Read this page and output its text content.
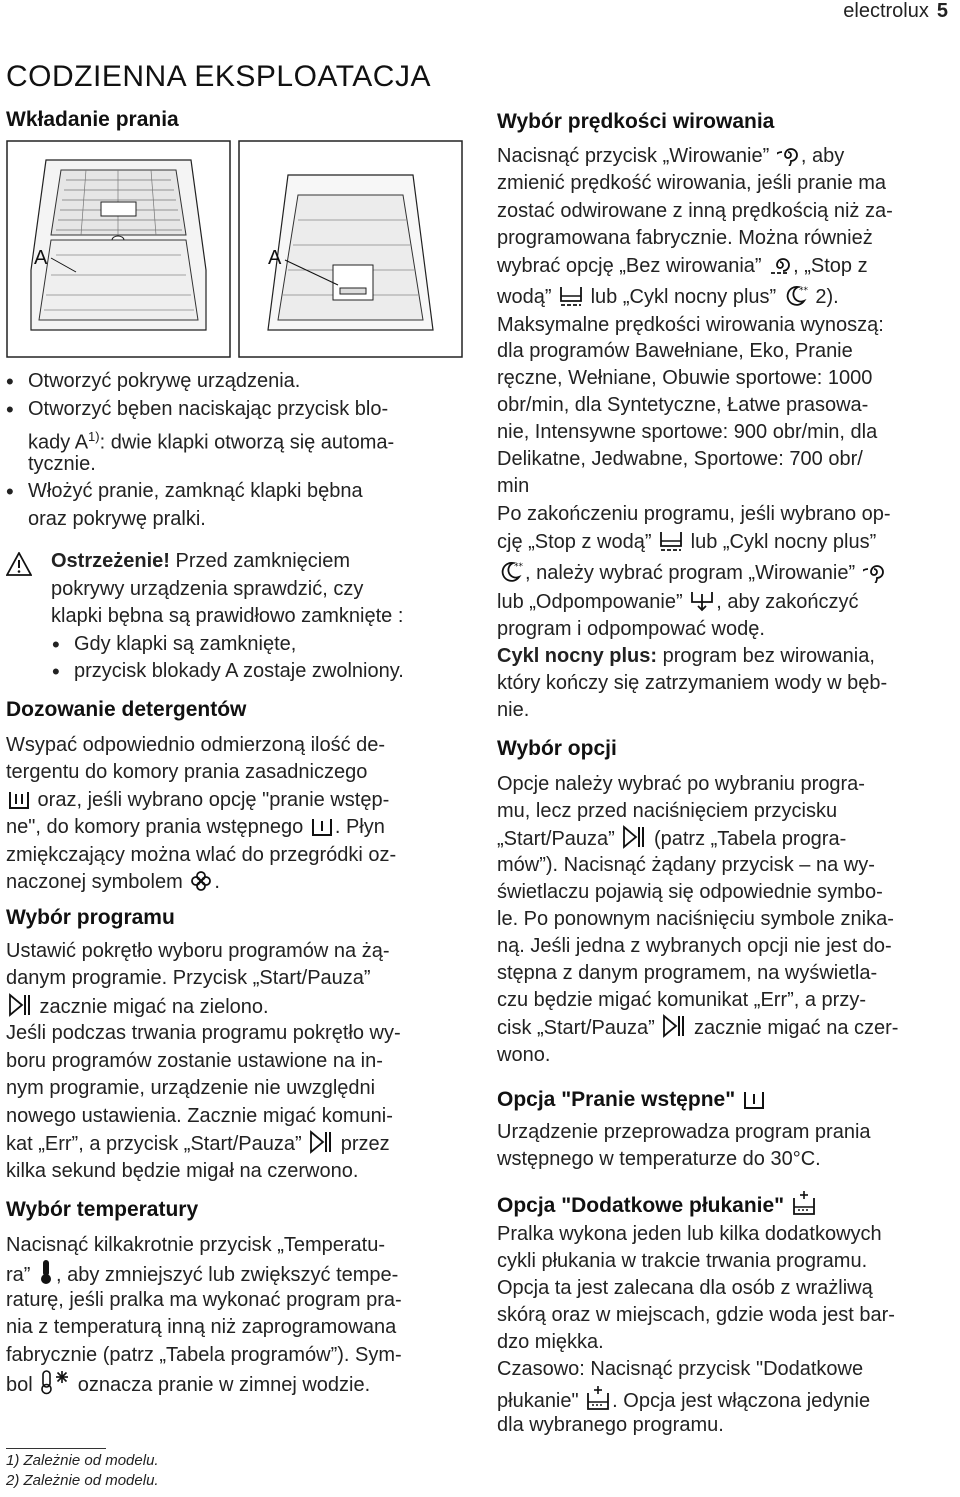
electrolux 5
CODZIENNA EKSPLOATACJA
Wkładanie prania
A	A
• Otworzyć pokrywę urządzenia.
• Otworzyć bęben naciskając przycisk blo-
kady $A^{1)}$: dwie klapki otworzą się automa-
tycznie.
• Włożyć pranie, zamknąć klapki bębna
oraz pokrywę pralki.
Ostrzeżenie! Przed zamknięciem
pokrywy urządzenia sprawdzić, czy
klapki bębna są prawidłowo zamknięte :
• Gdy klapki są zamknięte,
• przycisk blokady A zostaje zwolniony.
Dozowanie detergentów
Wsypać odpowiednio odmierzoną ilość de-
tergentu do komory prania zasadniczego
oraz, jeśli wybrano opcję "pranie wstęp-
ne", do komory prania wstępnego . Płyn
zmiękczający można wlać do przegródki oz-
naczonej symbolem .
Wybór programu
Ustawić pokrętło wyboru programów na żą-
danym programie. Przycisk „Start/Pauza”
zacznie migać na zielono.
Jeśli podczas trwania programu pokrętło wy-
boru programów zostanie ustawione na in-
nym programie, urządzenie nie uwzględni
nowego ustawienia. Zacznie migać komuni-
kat „Err”, a przycisk „Start/Pauza”  przez
kilka sekund będzie migał na czerwono.
Wybór temperatury
Nacisnąć kilkakrotnie przycisk „Temperatu-
ra” , aby zmniejszyć lub zwiększyć tempe-
raturę, jeśli pralka ma wykonać program pra-
nia z temperaturą inną niż zaprogramowana
fabrycznie (patrz „Tabela programów”). Sym-
bol  oznacza pranie w zimnej wodzie.
1) Zależnie od modelu.
2) Zależnie od modelu.
Wybór prędkości wirowania
Nacisnąć przycisk „Wirowanie” , aby
zmienić prędkość wirowania, jeśli pranie ma
zostać odwirowane z inną prędkością niż za-
programowana fabrycznie. Można również
wybrać opcję „Bez wirowania” , „Stop z
wodą”  lub „Cykl nocny plus” ** 2).
Maksymalne prędkości wirowania wynoszą:
dla programów Bawełniane, Eko, Pranie
ręczne, Wełniane, Obuwie sportowe: 1000
obr/min, dla Syntetyczne, Łatwe prasowa-
nie, Intensywne sportowe: 900 obr/min, dla
Delikatne, Jedwabne, Sportowe: 700 obr/
min
Po zakończeniu programu, jeśli wybrano op-
cję „Stop z wodą”  lub „Cykl nocny plus”
** , należy wybrać program „Wirowanie”
lub „Odpompowanie” , aby zakończyć
program i odpompować wodę.
Cykl nocny plus: program bez wirowania,
który kończy się zatrzymaniem wody w bęb-
nie.
Wybór opcji
Opcje należy wybrać po wybraniu progra-
mu, lecz przed naciśnięciem przycisku
„Start/Pauza”  (patrz „Tabela progra-
mów”). Nacisnąć żądany przycisk – na wy-
świetlaczu pojawią się odpowiednie symbo-
le. Po ponownym naciśnięciu symbole znika-
ną. Jeśli jedna z wybranych opcji nie jest do-
stępna z danym programem, na wyświetla-
czu będzie migać komunikat „Err”, a przy-
cisk „Start/Pauza”  zacznie migać na czer-
wono.
Opcja "Pranie wstępne"
Urządzenie przeprowadza program prania
wstępnego w temperaturze do 30°C.
Opcja "Dodatkowe płukanie"
Pralka wykona jeden lub kilka dodatkowych
cykli płukania w trakcie trwania programu.
Opcja ta jest zalecana dla osób z wrażliwą
skórą oraz w miejscach, gdzie woda jest bar-
dzo miękka.
Czasowo: Nacisnąć przycisk "Dodatkowe
płukanie" . Opcja jest włączona jedynie
dla wybranego programu.
